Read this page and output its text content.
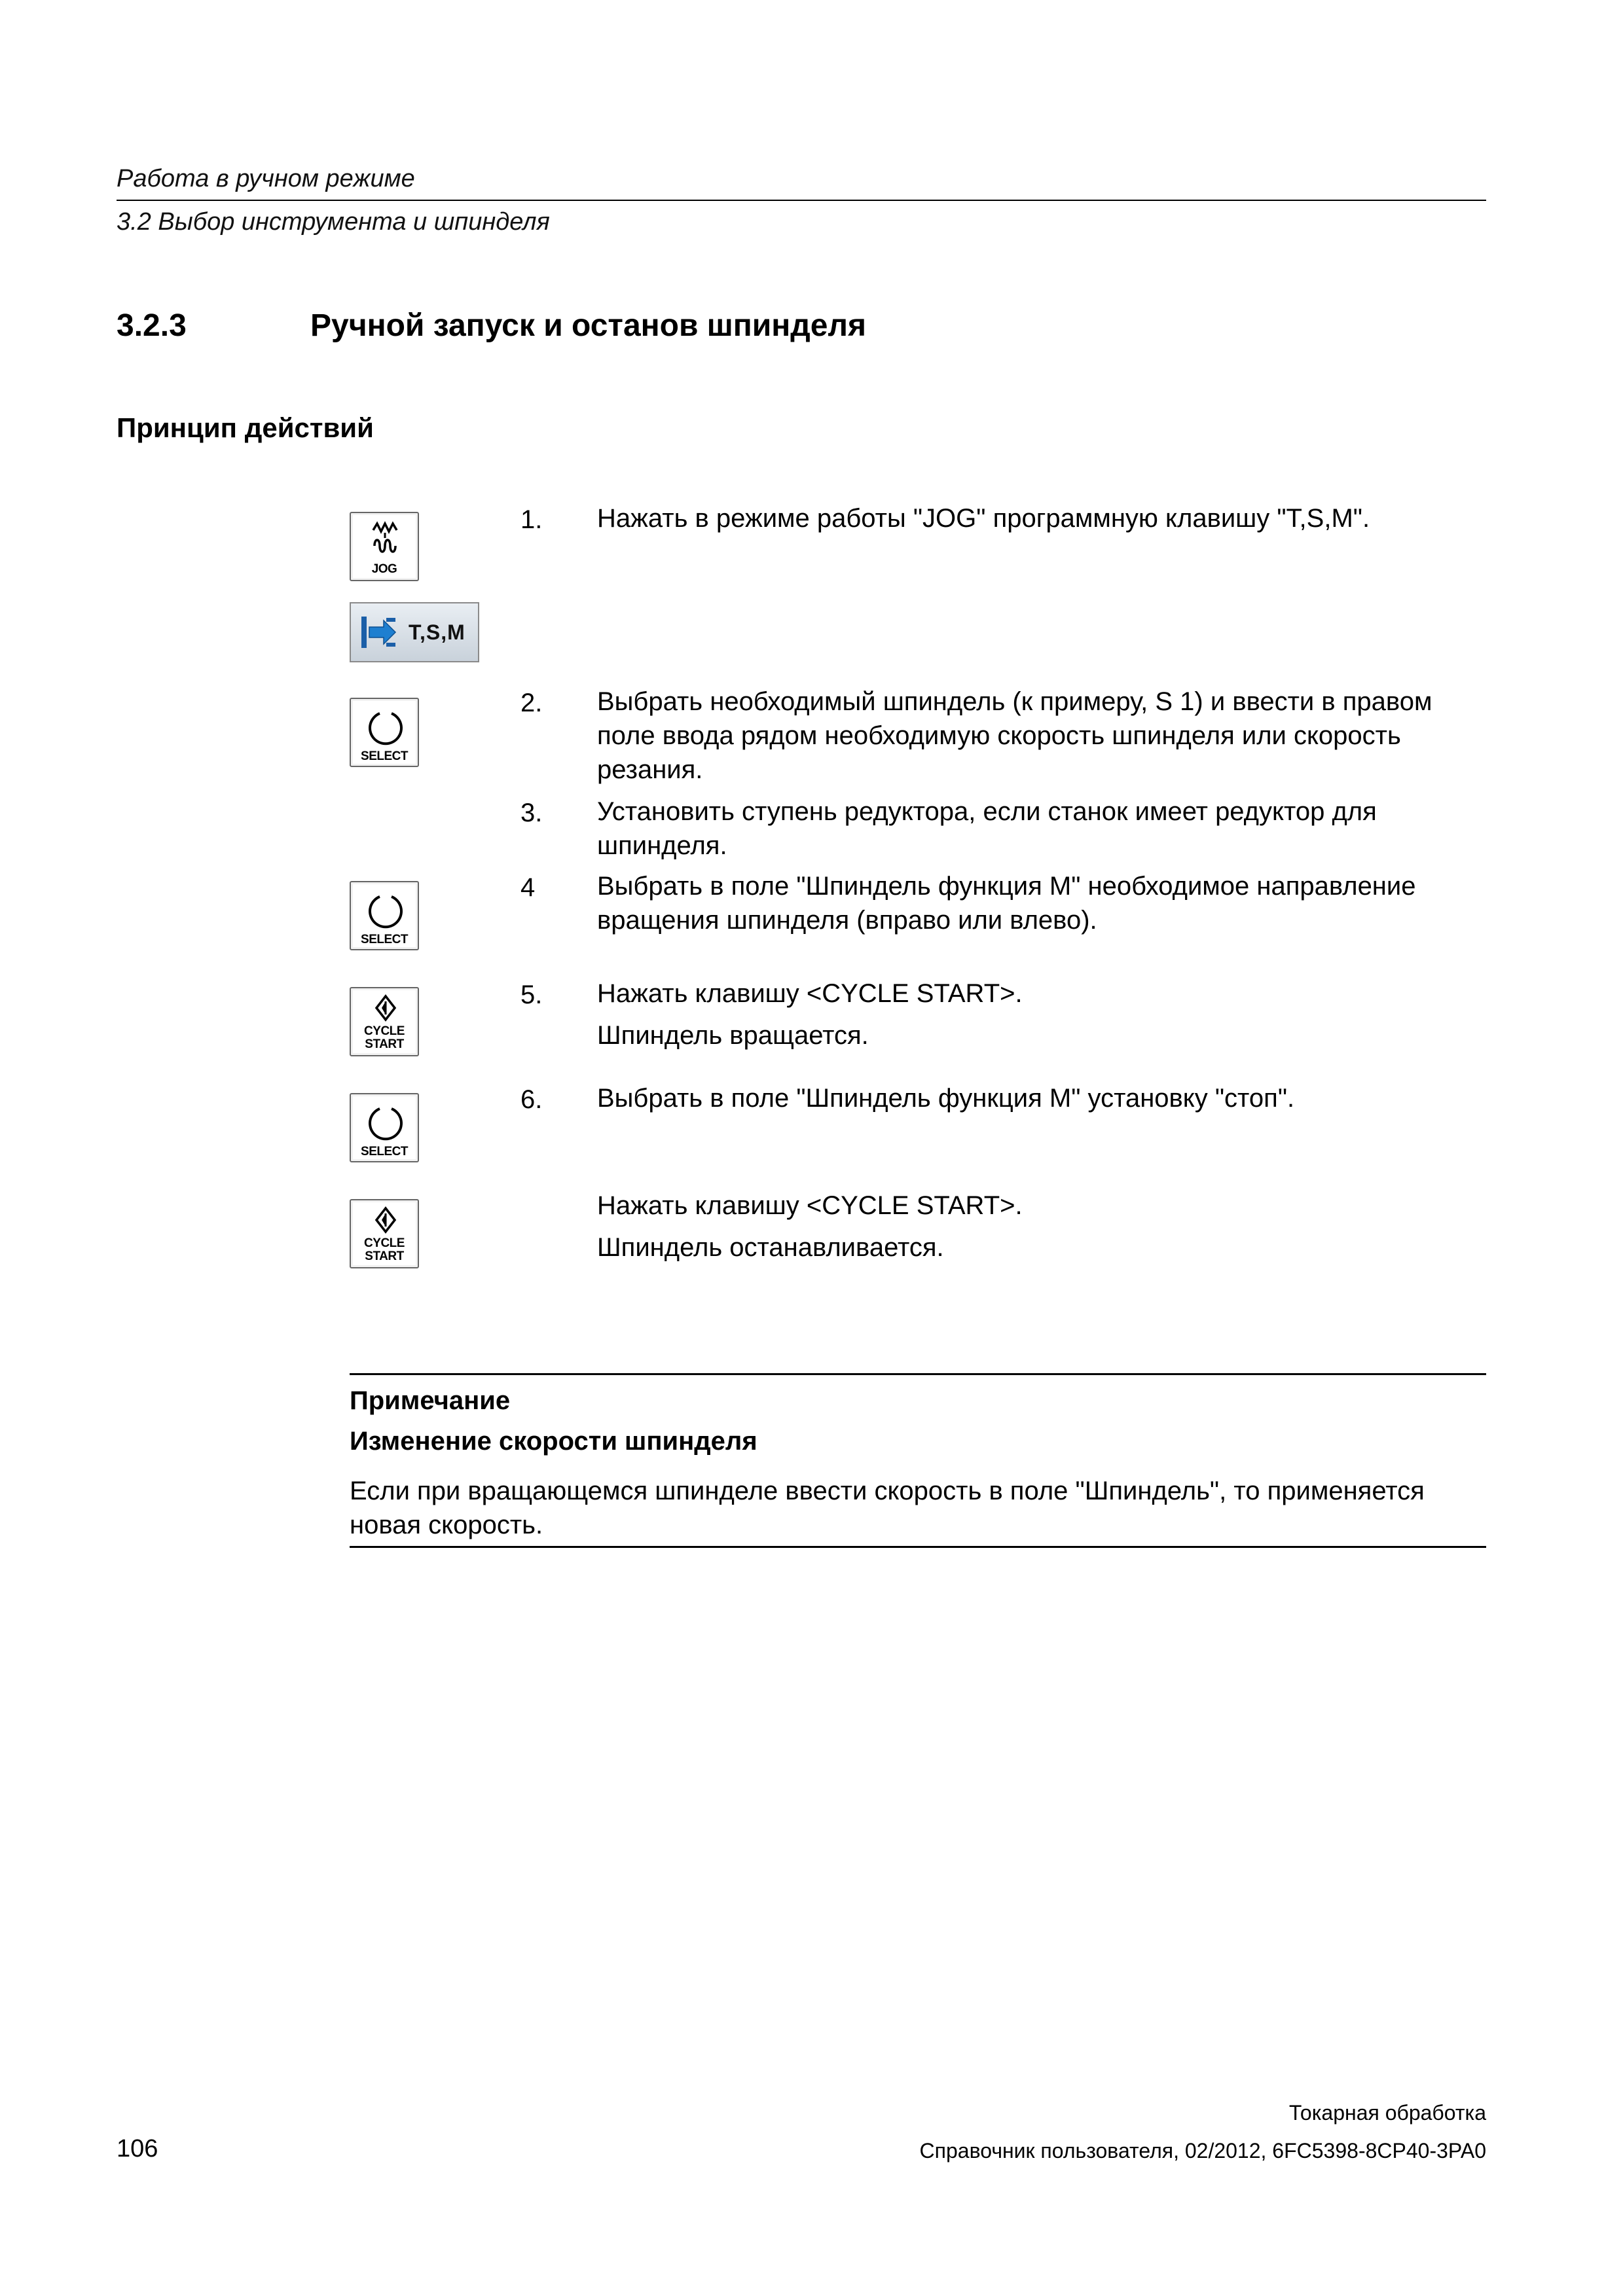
Работа в ручном режиме
3.2 Выбор инструмента и шпинделя
3.2.3	Ручной запуск и останов шпинделя
Принцип действий
JOG
T,S,M
SELECT
SELECT
CYCLE
START
SELECT
CYCLE
START
1. Нажать в режиме работы "JOG" программную клавишу "T,S,M".
2. Выбрать необходимый шпиндель (к примеру, S 1) и ввести в правом поле ввода рядом необходимую скорость шпинделя или скорость резания.
3. Установить ступень редуктора, если станок имеет редуктор для шпинделя.
4 Выбрать в поле "Шпиндель функция М" необходимое направление вращения шпинделя (вправо или влево).
5. Нажать клавишу <CYCLE START>.
Шпиндель вращается.
6. Выбрать в поле "Шпиндель функция М" установку "стоп".
Нажать клавишу <CYCLE START>.
Шпиндель останавливается.
Примечание
Изменение скорости шпинделя
Если при вращающемся шпинделе ввести скорость в поле "Шпиндель", то применяется новая скорость.
106
Токарная обработка
Справочник пользователя, 02/2012, 6FC5398-8CP40-3PA0
